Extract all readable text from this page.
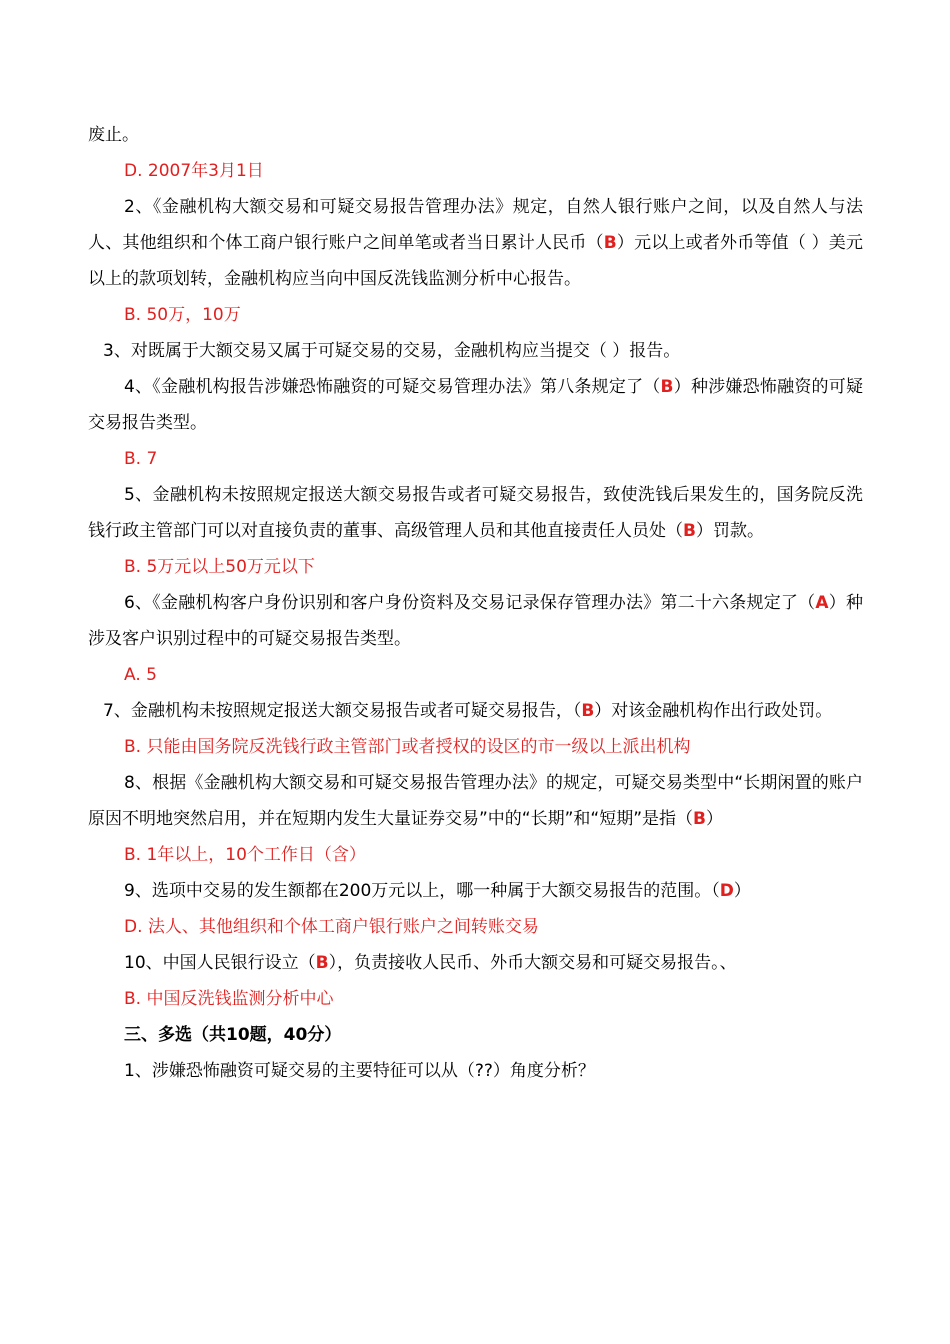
废止。

D. 2007年3月1日

2、《金融机构大额交易和可疑交易报告管理办法》规定，自然人银行账户之间，以及自然人与法人、其他组织和个体工商户银行账户之间单笔或者当日累计人民币（B）元以上或者外币等值（ ）美元以上的款项划转，金融机构应当向中国反洗钱监测分析中心报告。

B. 50万，10万

3、对既属于大额交易又属于可疑交易的交易，金融机构应当提交（ ）报告。

4、《金融机构报告涉嫌恐怖融资的可疑交易管理办法》第八条规定了（B）种涉嫌恐怖融资的可疑交易报告类型。

B. 7

5、金融机构未按照规定报送大额交易报告或者可疑交易报告，致使洗钱后果发生的，国务院反洗钱行政主管部门可以对直接负责的董事、高级管理人员和其他直接责任人员处（B）罚款。

B. 5万元以上50万元以下

6、《金融机构客户身份识别和客户身份资料及交易记录保存管理办法》第二十六条规定了（A）种涉及客户识别过程中的可疑交易报告类型。

A. 5

7、金融机构未按照规定报送大额交易报告或者可疑交易报告，（B）对该金融机构作出行政处罚。

B. 只能由国务院反洗钱行政主管部门或者授权的设区的市一级以上派出机构

8、根据《金融机构大额交易和可疑交易报告管理办法》的规定，可疑交易类型中“长期闲置的账户原因不明地突然启用，并在短期内发生大量证券交易”中的“长期”和“短期”是指（B）

B. 1年以上，10个工作日（含）

9、选项中交易的发生额都在200万元以上，哪一种属于大额交易报告的范围。（D）

D. 法人、其他组织和个体工商户银行账户之间转账交易

10、中国人民银行设立（B），负责接收人民币、外币大额交易和可疑交易报告。、

B. 中国反洗钱监测分析中心

三、多选（共10题，40分）

1、涉嫌恐怖融资可疑交易的主要特征可以从（??）角度分析？
